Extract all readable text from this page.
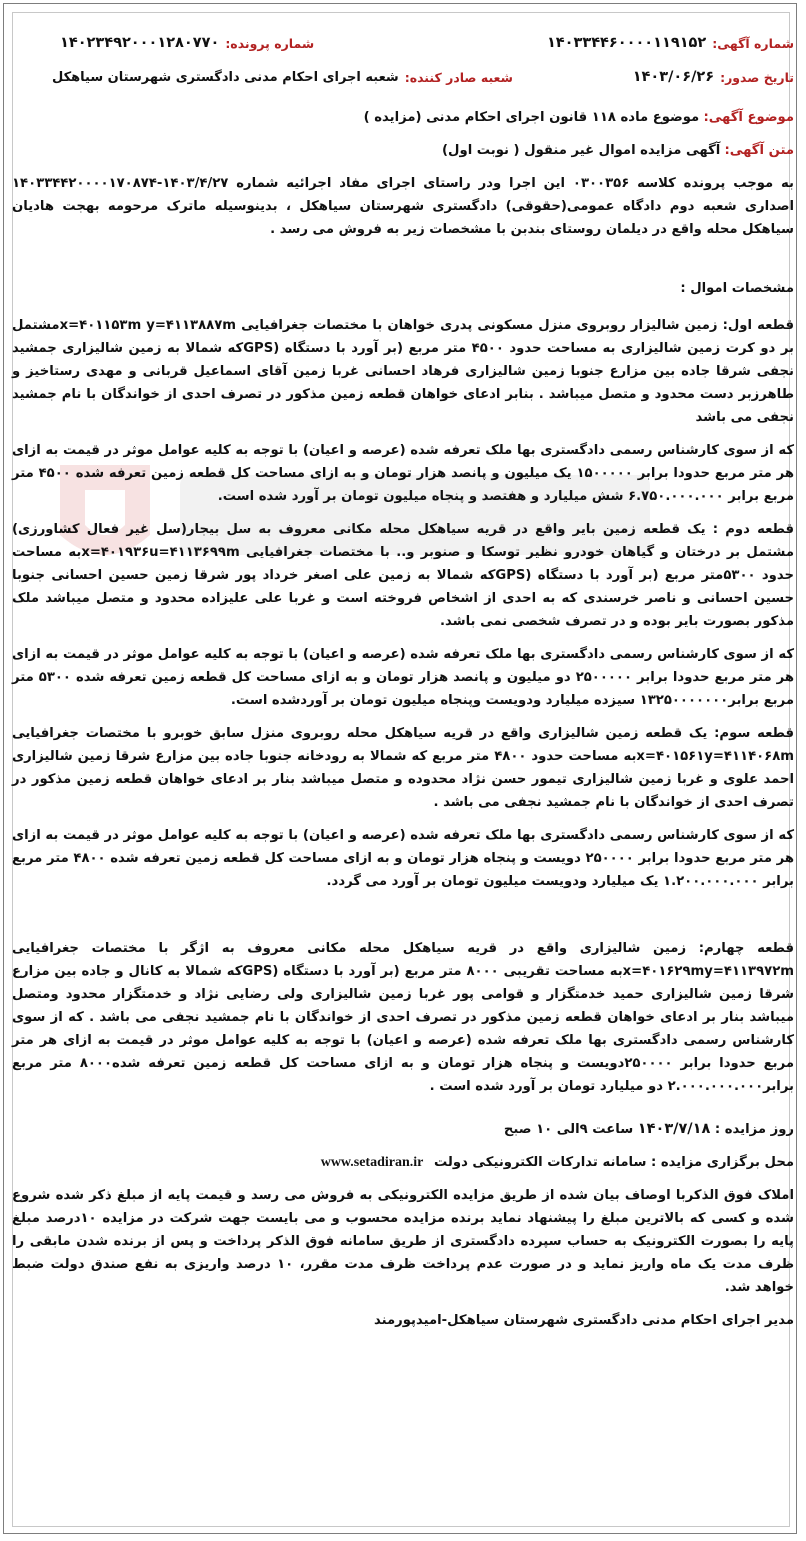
شماره آگهی:
۱۴۰۳۳۴۴۶۰۰۰۰۱۱۹۱۵۲
شماره پرونده:
۱۴۰۲۳۴۹۲۰۰۰۱۲۸۰۷۷۰
تاریخ صدور:
۱۴۰۳/۰۶/۲۶
شعبه صادر کننده:
شعبه اجرای احکام مدنی دادگستری شهرستان سیاهکل
موضوع آگهی: موضوع ماده ۱۱۸ قانون اجرای احکام مدنی (مزایده )
متن آگهی: آگهی مزایده اموال غیر منقول ( نوبت اول)

به موجب پرونده کلاسه ۰۳۰۰۳۵۶ این اجرا ودر راستای اجرای مفاد اجرائیه شماره ۱۴۰۳/۴/۲۷-۱۴۰۳۳۴۴۲۰۰۰۰۱۷۰۸۷۴ اصداری شعبه دوم دادگاه عمومی(حقوقی) دادگستری شهرستان سیاهکل ، بدینوسیله ماترک مرحومه بهجت هادیان سیاهکل محله واقع در دیلمان روستای بندبن با مشخصات زیر به فروش می رسد .

مشخصات اموال :

قطعه اول: زمین شالیزار روبروی منزل مسکونی پدری خواهان با مختصات جغرافیایی x=۴۰۱۱۵۳m y=۴۱۱۳۸۸۷mمشتمل بر دو کرت زمین شالیزاری به مساحت حدود ۴۵۰۰ متر مربع (بر آورد با دستگاه (GPSکه شمالا به زمین شالیزاری جمشید نجفی شرقا جاده بین مزارع جنوبا زمین شالیزاری فرهاد احسانی غربا زمین آقای اسماعیل قربانی و مهدی رستاخیز و طاهرزبر دست محدود و متصل میباشد . بنابر ادعای خواهان قطعه زمین مذکور در تصرف احدی از خواندگان با نام جمشید نجفی می باشد

که از سوی کارشناس رسمی دادگستری بها ملک تعرفه شده (عرصه و اعیان) با توجه به کلیه عوامل موثر در قیمت به ازای هر متر مربع حدودا برابر ۱۵۰۰۰۰۰ یک میلیون و پانصد هزار تومان و به ازای مساحت کل قطعه زمین تعرفه شده ۴۵۰۰ متر مربع برابر ۶.۷۵۰.۰۰۰.۰۰۰ شش میلیارد و هفتصد و پنجاه میلیون تومان بر آورد شده است.

قطعه دوم : یک قطعه زمین بایر واقع در قریه سیاهکل محله مکانی معروف به سل بیجار(سل غیر فعال کشاورزی) مشتمل بر درختان و گیاهان خودرو نظیر توسکا و صنوبر و.. با مختصات جغرافیایی x=۴۰۱۹۳۶u=۴۱۱۳۶۹۹mبه مساحت حدود ۵۳۰۰متر مربع (بر آورد با دستگاه (GPSکه شمالا به زمین علی اصغر خرداد پور شرقا زمین حسین احسانی جنوبا حسین احسانی و ناصر خرسندی که به احدی از اشخاص فروخته است و غربا علی علیزاده محدود و متصل میباشد ملک مذکور بصورت بایر بوده و در تصرف شخصی نمی باشد.

که از سوی کارشناس رسمی دادگستری بها ملک تعرفه شده (عرصه و اعیان) با توجه به کلیه عوامل موثر در قیمت به ازای هر متر مربع حدودا برابر ۲۵۰۰۰۰۰ دو میلیون و پانصد هزار تومان و به ازای مساحت کل قطعه زمین تعرفه شده ۵۳۰۰ متر مربع برابر۱۳۲۵۰۰۰۰۰۰۰ سیزده میلیارد ودویست وپنجاه میلیون تومان بر آوردشده است.

قطعه سوم: یک قطعه زمین شالیزاری واقع در قریه سیاهکل محله روبروی منزل سابق خوبرو با مختصات جغرافیایی x=۴۰۱۵۶۱y=۴۱۱۴۰۶۸mبه مساحت حدود ۴۸۰۰ متر مربع که شمالا به رودخانه جنوبا جاده بین مزارع شرقا زمین شالیزاری احمد علوی و غربا زمین شالیزاری تیمور حسن نژاد محدوده و متصل میباشد بنار بر ادعای خواهان قطعه زمین مذکور در تصرف احدی از خواندگان با نام جمشید نجفی می باشد .

که از سوی کارشناس رسمی دادگستری بها ملک تعرفه شده (عرصه و اعیان) با توجه به کلیه عوامل موثر در قیمت به ازای هر متر مربع حدودا برابر ۲۵۰۰۰۰ دویست و پنجاه هزار تومان و به ازای مساحت کل قطعه زمین تعرفه شده ۴۸۰۰ متر مربع برابر ۱.۲۰۰.۰۰۰.۰۰۰ یک میلیارد ودویست میلیون تومان بر آورد می گردد.

قطعه چهارم: زمین شالیزاری واقع در قریه سیاهکل محله مکانی معروف به اژگر با مختصات جغرافیایی x=۴۰۱۶۲۹my=۴۱۱۳۹۷۲mبه مساحت تقریبی ۸۰۰۰ متر مربع (بر آورد با دستگاه (GPSکه شمالا به کانال و جاده بین مزارع شرقا زمین شالیزاری حمید خدمتگزار و قوامی پور غربا زمین شالیزاری ولی رضایی نژاد و خدمتگزار محدود ومتصل میباشد بنار بر ادعای خواهان قطعه زمین مذکور در تصرف احدی از خواندگان با نام جمشید نجفی می باشد . که از سوی کارشناس رسمی دادگستری بها ملک تعرفه شده (عرصه و اعیان) با توجه به کلیه عوامل موثر در قیمت به ازای هر متر مربع حدودا برابر ۲۵۰۰۰۰دویست و پنجاه هزار تومان و به ازای مساحت کل قطعه زمین تعرفه شده۸۰۰۰ متر مربع برابر۲.۰۰۰.۰۰۰.۰۰۰ دو میلیارد تومان بر آورد شده است .

روز مزایده : ۱۴۰۳/۷/۱۸ ساعت ۹الی ۱۰ صبح

محل برگزاری مزایده : سامانه تدارکات الکترونیکی دولت www.setadiran.ir

املاک فوق الذکربا اوصاف بیان شده از طریق مزایده الکترونیکی به فروش می رسد و قیمت پایه از مبلغ ذکر شده شروع شده و کسی که بالاترین مبلغ را پیشنهاد نماید برنده مزایده محسوب و می بایست جهت شرکت در مزایده ۱۰درصد مبلغ پایه را بصورت الکترونیک به حساب سپرده دادگستری از طریق سامانه فوق الذکر پرداخت و پس از برنده شدن مابقی را ظرف مدت یک ماه واریز نماید و در صورت عدم پرداخت ظرف مدت مقرر، ۱۰ درصد واریزی به نفع صندق دولت ضبط خواهد شد.

مدیر اجرای احکام مدنی دادگستری شهرستان سیاهکل-امیدپورمند
